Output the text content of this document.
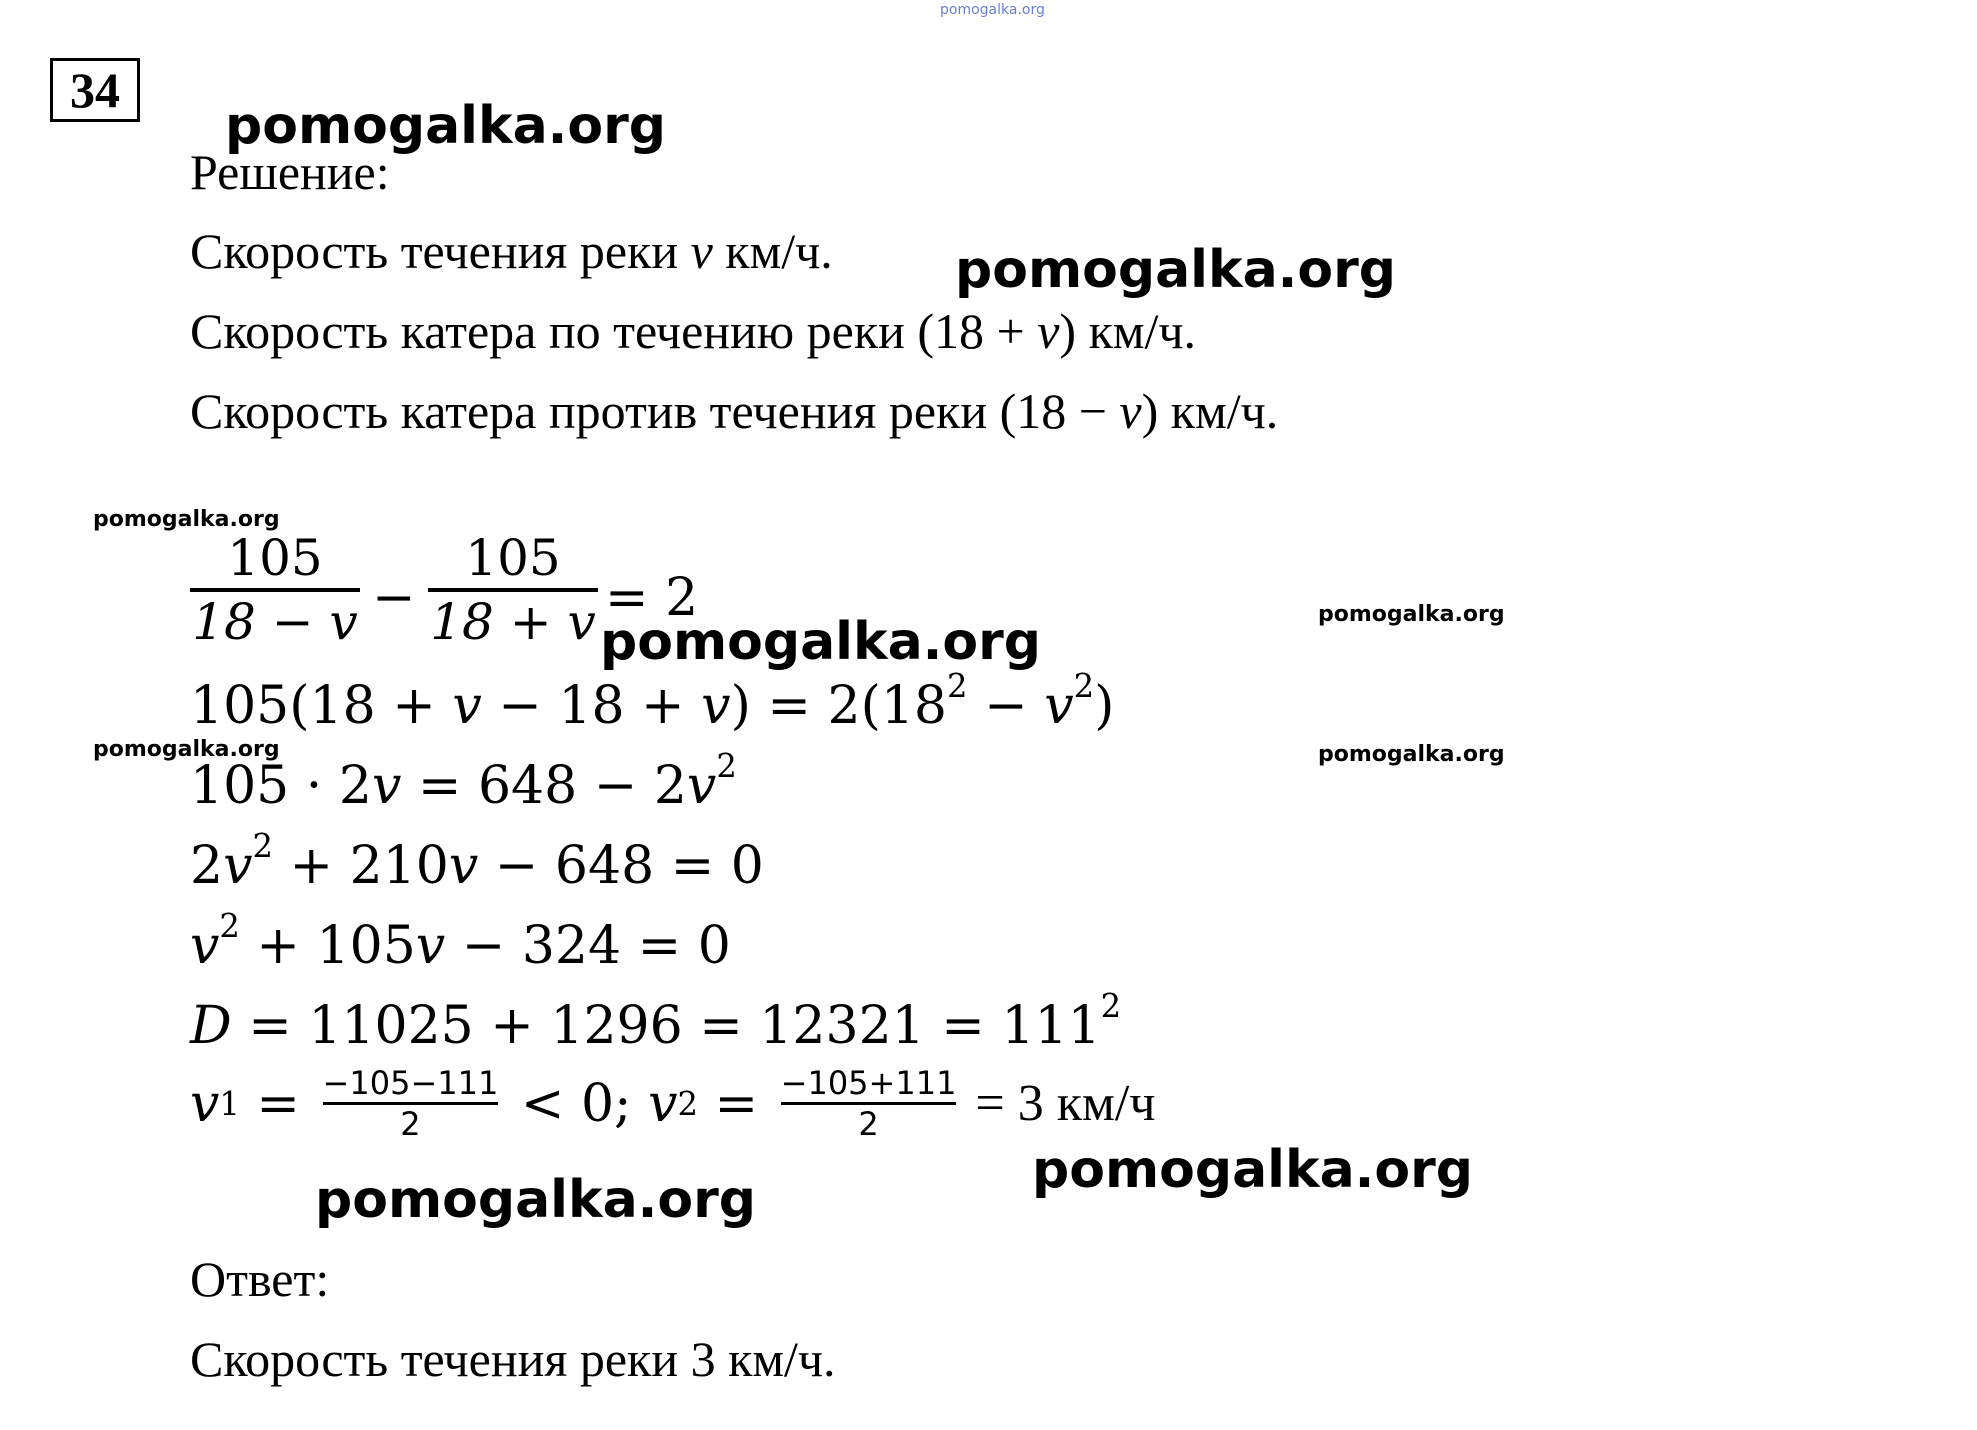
pomogalka.org
34
pomogalka.org
pomogalka.org
pomogalka.org
pomogalka.org	pomogalka.org
pomogalka.org
pomogalka.org
pomogalka.org
pomogalka.org
Решение:
Скорость течения реки v км/ч.
Скорость катера по течению реки (18 + v) км/ч.
Скорость катера против течения реки (18 − v) км/ч.
105
18 − v −
105
18 + v = 2
$105(18 + v - 18 + v) = 2(18^2 - v^2)$
$105 \cdot 2v = 648 - 2v^2$
$2v^2 + 210v - 648 = 0$
$v^2 + 105v - 324 = 0$
$D = 11025 + 1296 = 12321 = 111^2$
v 1 = −105−111
2	< 0; v 2 = −105+111
2	= 3 км/ч
Ответ:
Скорость течения реки 3 км/ч.
